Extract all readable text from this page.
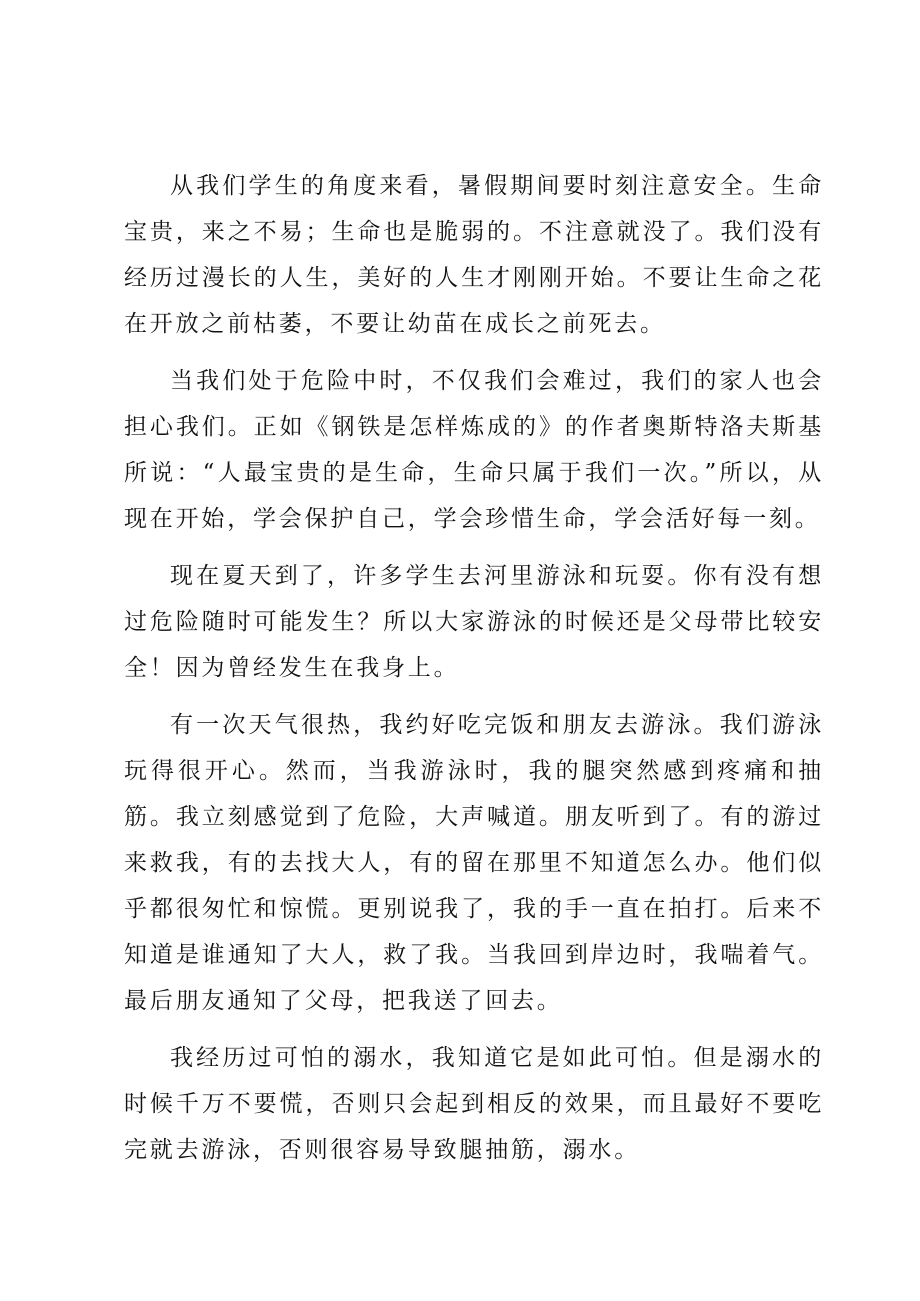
从我们学生的角度来看，暑假期间要时刻注意安全。生命宝贵，来之不易；生命也是脆弱的。不注意就没了。我们没有经历过漫长的人生，美好的人生才刚刚开始。不要让生命之花在开放之前枯萎，不要让幼苗在成长之前死去。

当我们处于危险中时，不仅我们会难过，我们的家人也会担心我们。正如《钢铁是怎样炼成的》的作者奥斯特洛夫斯基所说：“人最宝贵的是生命，生命只属于我们一次。”所以，从现在开始，学会保护自己，学会珍惜生命，学会活好每一刻。

现在夏天到了，许多学生去河里游泳和玩耍。你有没有想过危险随时可能发生？所以大家游泳的时候还是父母带比较安全！因为曾经发生在我身上。

有一次天气很热，我约好吃完饭和朋友去游泳。我们游泳玩得很开心。然而，当我游泳时，我的腿突然感到疼痛和抽筋。我立刻感觉到了危险，大声喊道。朋友听到了。有的游过来救我，有的去找大人，有的留在那里不知道怎么办。他们似乎都很匆忙和惊慌。更别说我了，我的手一直在拍打。后来不知道是谁通知了大人，救了我。当我回到岸边时，我喘着气。最后朋友通知了父母，把我送了回去。

我经历过可怕的溺水，我知道它是如此可怕。但是溺水的时候千万不要慌，否则只会起到相反的效果，而且最好不要吃完就去游泳，否则很容易导致腿抽筋，溺水。
